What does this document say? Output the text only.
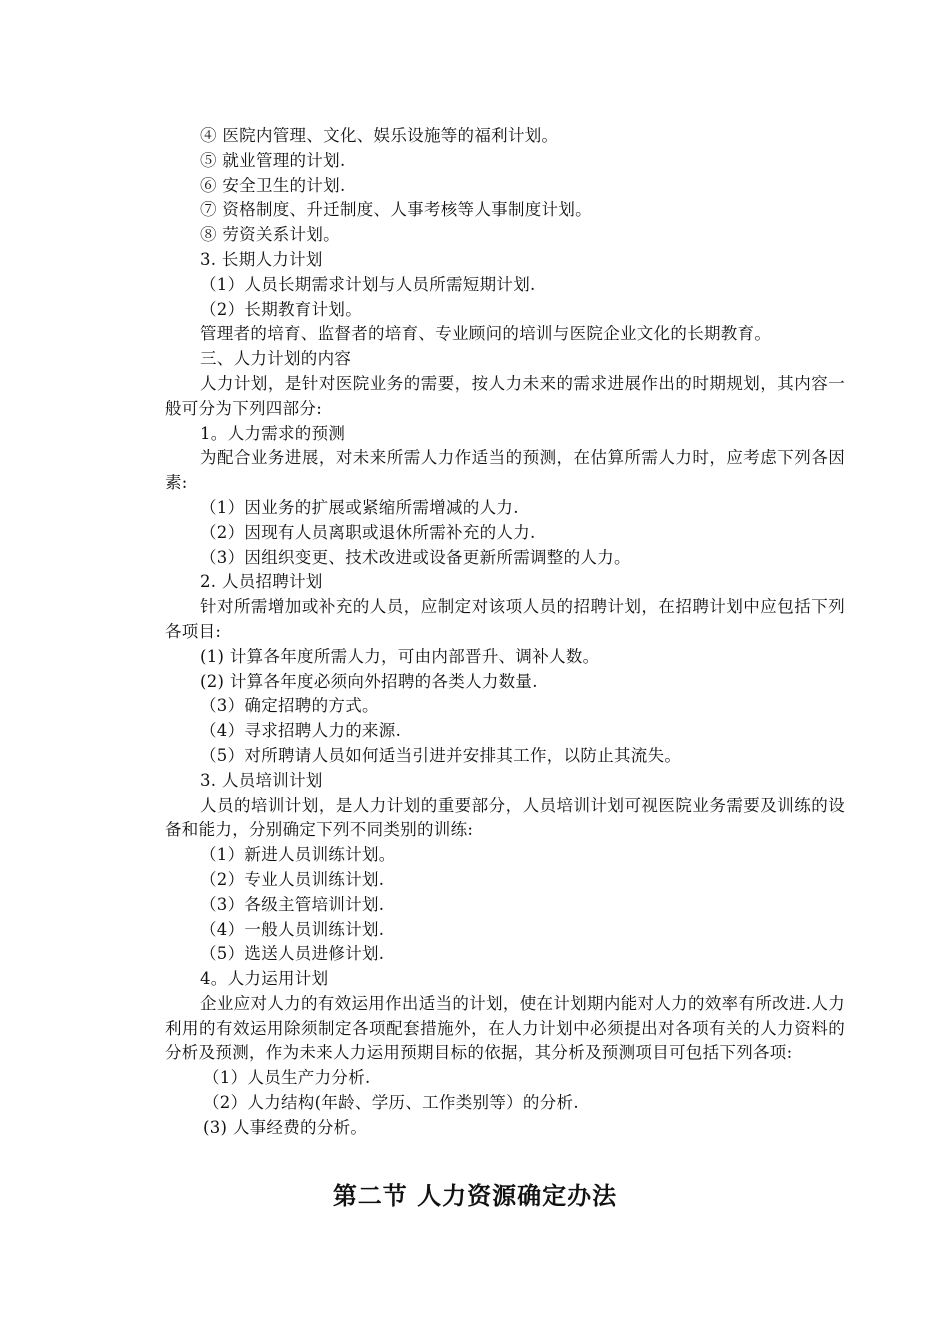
④ 医院内管理、文化、娱乐设施等的福利计划。
⑤ 就业管理的计划.
⑥ 安全卫生的计划.
⑦ 资格制度、升迁制度、人事考核等人事制度计划。
⑧ 劳资关系计划。
3. 长期人力计划
（1）人员长期需求计划与人员所需短期计划.
（2）长期教育计划。
管理者的培育、监督者的培育、专业顾问的培训与医院企业文化的长期教育。
三、人力计划的内容
人力计划，是针对医院业务的需要，按人力未来的需求进展作出的时期规划，其内容一般可分为下列四部分:
1。人力需求的预测
为配合业务进展，对未来所需人力作适当的预测，在估算所需人力时，应考虑下列各因素:
（1）因业务的扩展或紧缩所需增减的人力.
（2）因现有人员离职或退休所需补充的人力.
（3）因组织变更、技术改进或设备更新所需调整的人力。
2. 人员招聘计划
针对所需增加或补充的人员，应制定对该项人员的招聘计划，在招聘计划中应包括下列各项目:
(1) 计算各年度所需人力，可由内部晋升、调补人数。
(2) 计算各年度必须向外招聘的各类人力数量.
（3）确定招聘的方式。
（4）寻求招聘人力的来源.
（5）对所聘请人员如何适当引进并安排其工作，以防止其流失。
3. 人员培训计划
人员的培训计划，是人力计划的重要部分，人员培训计划可视医院业务需要及训练的设备和能力，分别确定下列不同类别的训练:
（1）新进人员训练计划。
（2）专业人员训练计划.
（3）各级主管培训计划.
（4）一般人员训练计划.
（5）选送人员进修计划.
4。人力运用计划
企业应对人力的有效运用作出适当的计划，使在计划期内能对人力的效率有所改进.人力利用的有效运用除须制定各项配套措施外，在人力计划中必须提出对各项有关的人力资料的分析及预测，作为未来人力运用预期目标的依据，其分析及预测项目可包括下列各项:
（1）人员生产力分析.
（2）人力结构(年龄、学历、工作类别等）的分析.
(3) 人事经费的分析。
第二节 人力资源确定办法
